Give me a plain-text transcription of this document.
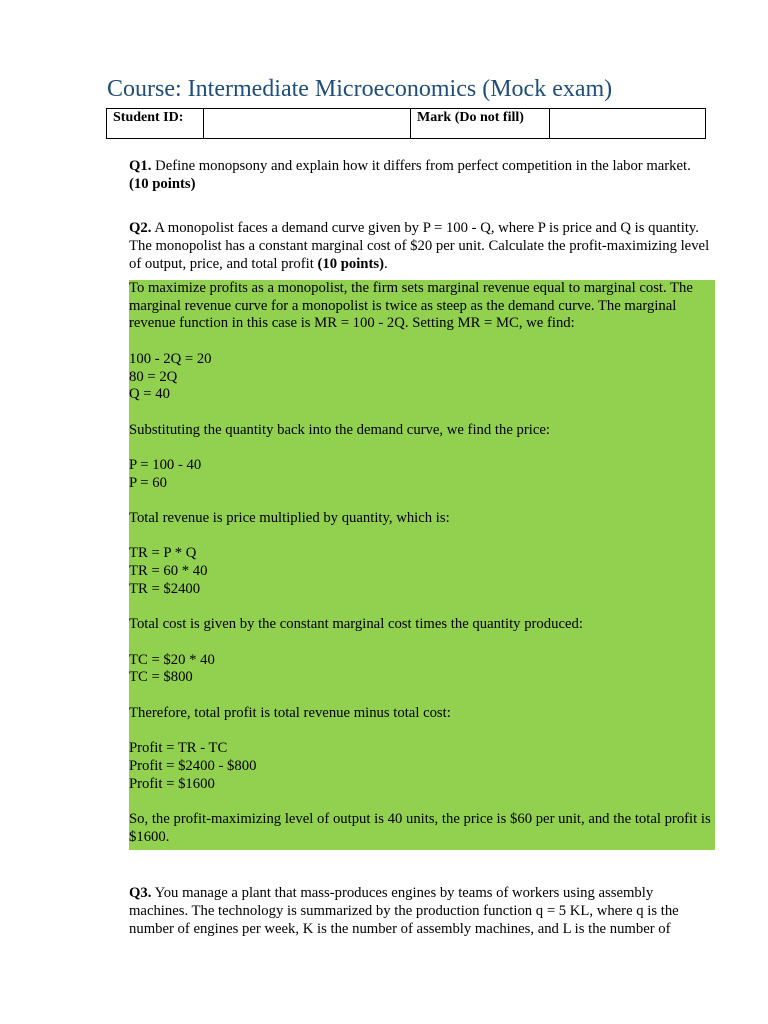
Course: Intermediate Microeconomics (Mock exam)
Student ID:		Mark (Do not fill)	
Q1. Define monopsony and explain how it differs from perfect competition in the labor market.
(10 points)
Q2. A monopolist faces a demand curve given by P = 100 - Q, where P is price and Q is quantity. The monopolist has a constant marginal cost of $20 per unit. Calculate the profit-maximizing level of output, price, and total profit (10 points).
To maximize profits as a monopolist, the firm sets marginal revenue equal to marginal cost. The marginal revenue curve for a monopolist is twice as steep as the demand curve. The marginal revenue function in this case is MR = 100 - 2Q. Setting MR = MC, we find:
100 - 2Q = 20
80 = 2Q
Q = 40
Substituting the quantity back into the demand curve, we find the price:
P = 100 - 40
P = 60
Total revenue is price multiplied by quantity, which is:
TR = P * Q
TR = 60 * 40
TR = $2400
Total cost is given by the constant marginal cost times the quantity produced:
TC = $20 * 40
TC = $800
Therefore, total profit is total revenue minus total cost:
Profit = TR - TC
Profit = $2400 - $800
Profit = $1600
So, the profit-maximizing level of output is 40 units, the price is $60 per unit, and the total profit is $1600.
Q3. You manage a plant that mass-produces engines by teams of workers using assembly machines. The technology is summarized by the production function q = 5 KL, where q is the number of engines per week, K is the number of assembly machines, and L is the number of
